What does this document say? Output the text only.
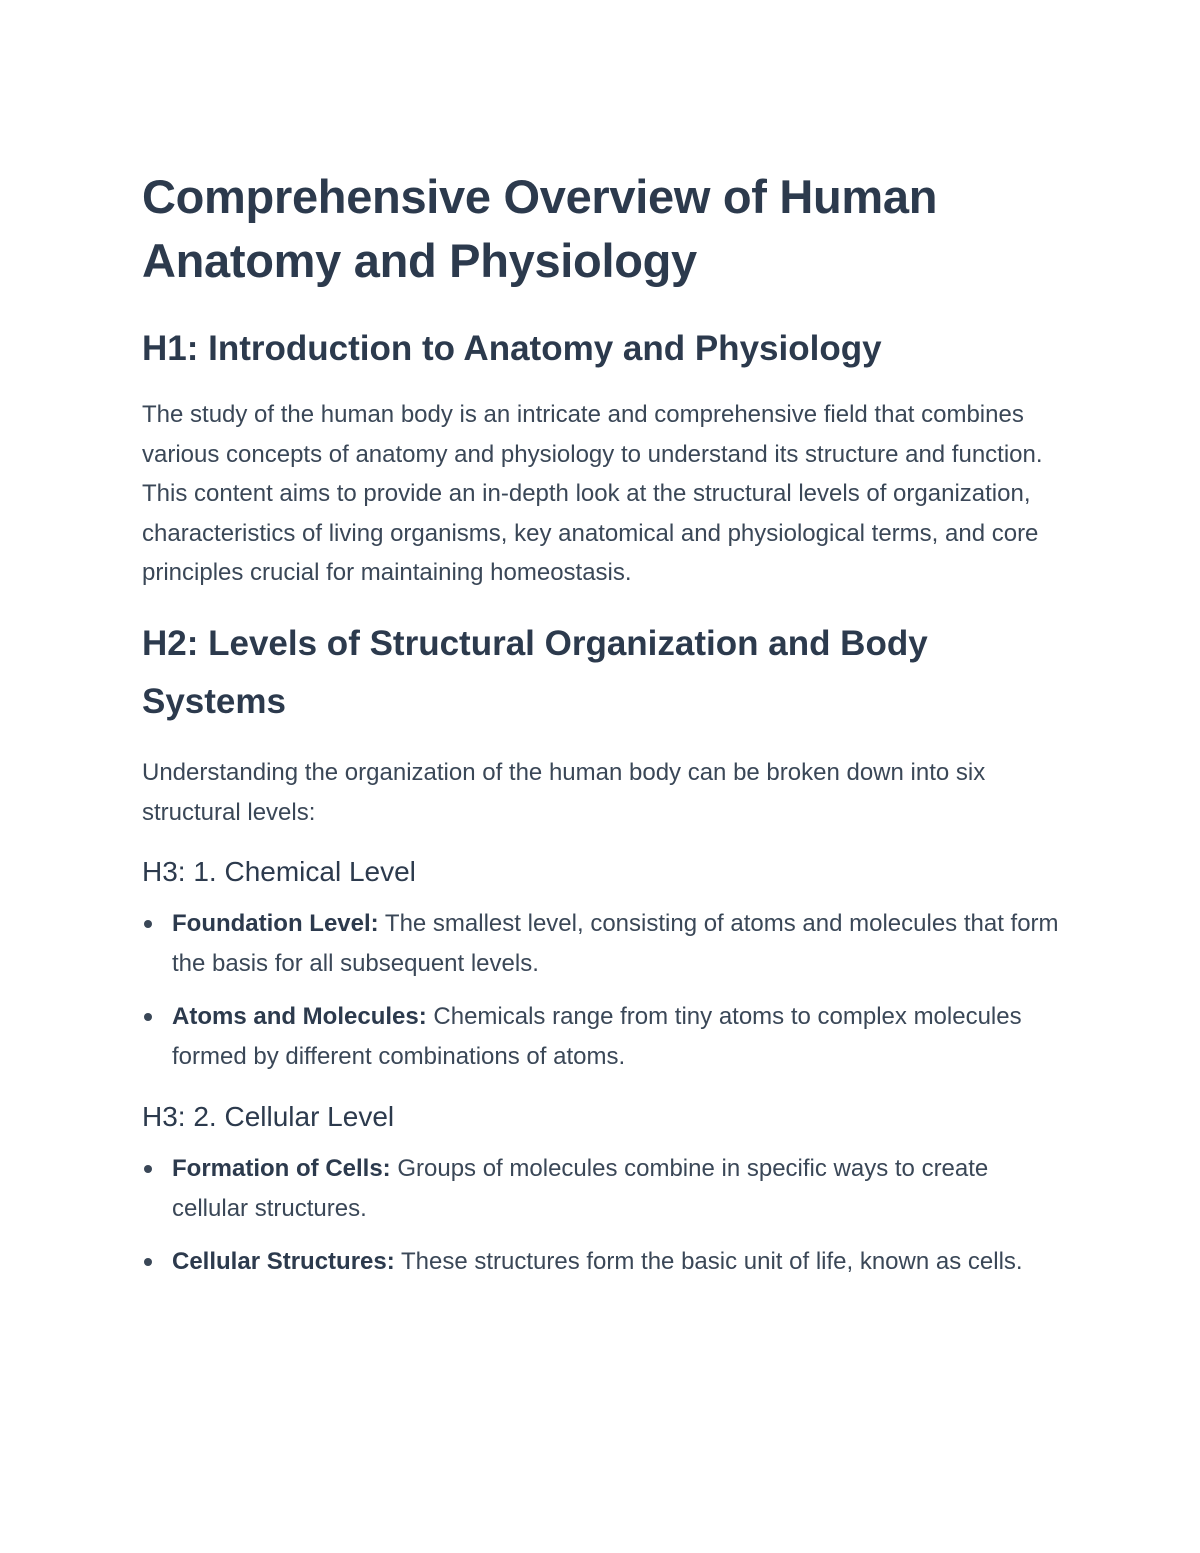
Comprehensive Overview of Human Anatomy and Physiology
H1: Introduction to Anatomy and Physiology

The study of the human body is an intricate and comprehensive field that combines various concepts of anatomy and physiology to understand its structure and function. This content aims to provide an in-depth look at the structural levels of organization, characteristics of living organisms, key anatomical and physiological terms, and core principles crucial for maintaining homeostasis.

H2: Levels of Structural Organization and Body Systems

Understanding the organization of the human body can be broken down into six structural levels:

H3: 1. Chemical Level
Foundation Level: The smallest level, consisting of atoms and molecules that form the basis for all subsequent levels.
Atoms and Molecules: Chemicals range from tiny atoms to complex molecules formed by different combinations of atoms.
H3: 2. Cellular Level
Formation of Cells: Groups of molecules combine in specific ways to create cellular structures.
Cellular Structures: These structures form the basic unit of life, known as cells.
